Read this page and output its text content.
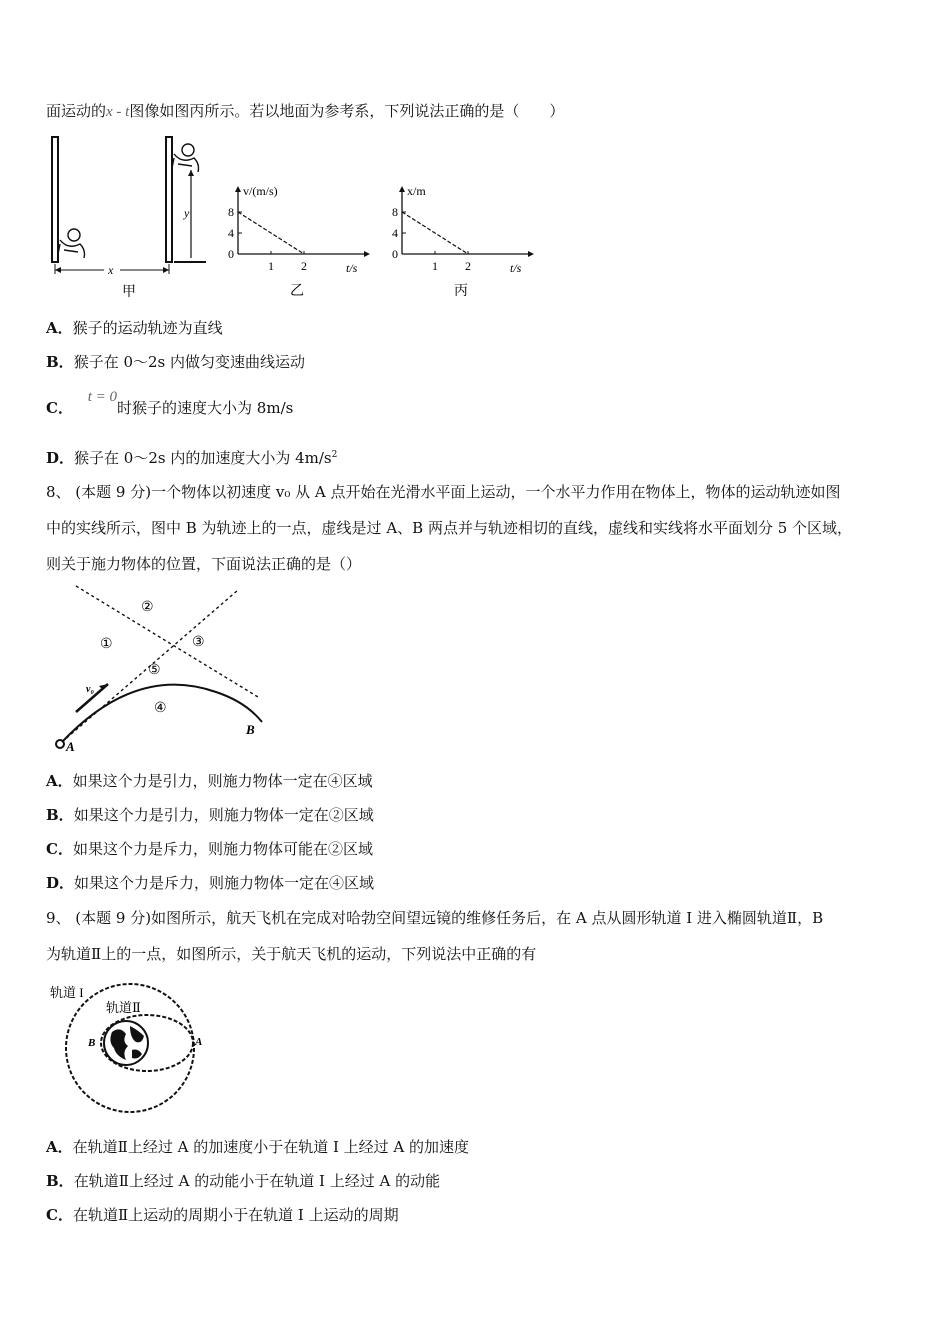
面运动的x - t图像如图丙所示。若以地面为参考系，下列说法正确的是（　　）
y
x
甲
v/(m/s)
t/s
8
4
0
1 2
乙
x/m
t/s
8
4
0
1 2
丙
A．猴子的运动轨迹为直线
B．猴子在 0～2s 内做匀变速曲线运动
C． t = 0时猴子的速度大小为 8m/s
D．猴子在 0～2s 内的加速度大小为 $4m/s^2$
8、 (本题 9 分)一个物体以初速度 v₀ 从 A 点开始在光滑水平面上运动，一个水平力作用在物体上，物体的运动轨迹如图
中的实线所示，图中 B 为轨迹上的一点，虚线是过 A、B 两点并与轨迹相切的直线，虚线和实线将水平面划分 5 个区域，
则关于施力物体的位置，下面说法正确的是（）
v₀
A
B
①
②
③
④
⑤
A．如果这个力是引力，则施力物体一定在④区域
B．如果这个力是引力，则施力物体一定在②区域
C．如果这个力是斥力，则施力物体可能在②区域
D．如果这个力是斥力，则施力物体一定在④区域
9、 (本题 9 分)如图所示，航天飞机在完成对哈勃空间望远镜的维修任务后，在 A 点从圆形轨道 I 进入椭圆轨道Ⅱ，B
为轨道Ⅱ上的一点，如图所示，关于航天飞机的运动，下列说法中正确的有
轨道 I
轨道Ⅱ
B	A
A．在轨道Ⅱ上经过 A 的加速度小于在轨道 I 上经过 A 的加速度
B．在轨道Ⅱ上经过 A 的动能小于在轨道 I 上经过 A 的动能
C．在轨道Ⅱ上运动的周期小于在轨道 I 上运动的周期
